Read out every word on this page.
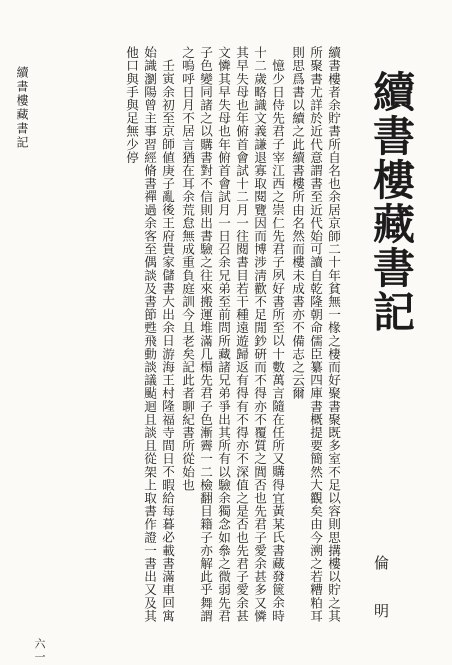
續書樓藏書記
倫 明

續書樓者余貯書所自名也余居京師二十年貧無一椽之棲而好聚書聚既多室不足以容則思搆樓以貯之其所聚書尤詳於近代意謂書至近代始可讀自乾隆朝命儒臣纂四庫書概提要簡然大觀矣由今溯之若糟粕耳則思爲書以續之此續書樓所由名然而樓未成書亦不備志之云爾

憶少日侍先君子宰江西之崇仁先君子夙好書所至以十數萬言隨在任所又購得宜黃某氏書藏發篋余時十二歲略識文義謙退寡取閱覽因而博涉淸歡不足閒鈔硏而不得亦不覆質之閭否也先君子愛余甚多又憐其早失母也年俯首會試十二月一往閱書目若干種遠遊歸返有得有不得亦不深值之是否也先君子愛余甚文憐其早失母也年俯首會試月一日召余兄弟至前問所藏諸兄弟爭出其所有以驗余獨念如叅之微弱先君子色變同諸之以購書對不信則出書驗之往來搬運堆滿几榻先君子色漸霽一二檢翻目籍子亦解此乎舞謂之嗚呼日月不居言猶在耳余荒怠無成重負庭訓今且老矣記此者聊紀書所從始也

壬寅余初至京師値庚子亂後王府貴家儲書大出余日游海王村隆福寺間日不暇給每暮必載書滿車回寓始識瀏陽曾主事習經脩書禪過余客至偶談及書節甦飛動談議颭迴且談且從架上取書作證一書出又及其他口與手與足無少停

續書樓藏書記
六一
